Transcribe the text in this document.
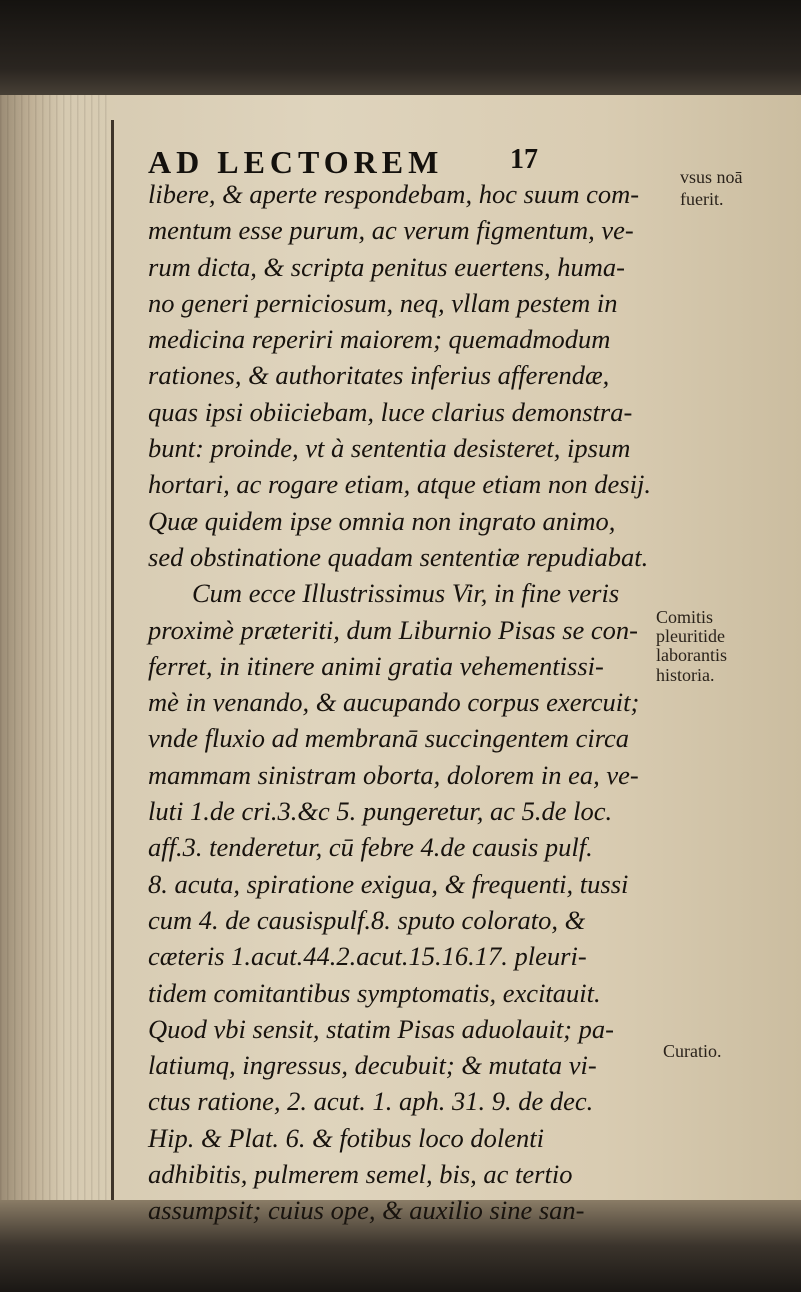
AD LECTOREM 17
libere, & aperte respondebam, hoc suum com-
mentum esse purum, ac verum figmentum, ve-
rum dicta, & scripta penitus euertens, huma-
no generi perniciosum, neq, vllam pestem in
medicina reperiri maiorem; quemadmodum
rationes, & authoritates inferius afferendæ,
quas ipsi obiiciebam, luce clarius demonstra-
bunt: proinde, vt à sententia desisteret, ipsum
hortari, ac rogare etiam, atque etiam non desij.
Quæ quidem ipse omnia non ingrato animo,
sed obstinatione quadam sententiæ repudiabat.
Cum ecce Illustrissimus Vir, in fine veris
proximè præteriti, dum Liburnio Pisas se con-
ferret, in itinere animi gratia vehementissi-
mè in venando, & aucupando corpus exercuit;
vnde fluxio ad membranā succingentem circa
mammam sinistram oborta, dolorem in ea, ve-
luti 1.de cri.3.&c 5. pungeretur, ac 5.de loc.
aff.3. tenderetur, cū febre 4.de causis pulf.
8. acuta, spiratione exigua, & frequenti, tussi
cum 4. de causispulf.8. sputo colorato, &
cæteris 1.acut.44.2.acut.15.16.17. pleuri-
tidem comitantibus symptomatis, excitauit.
Quod vbi sensit, statim Pisas aduolauit; pa-
latiumq, ingressus, decubuit; & mutata vi-
ctus ratione, 2. acut. 1. aph. 31. 9. de dec.
Hip. & Plat. 6. & fotibus loco dolenti
adhibitis, pulmerem semel, bis, ac tertio
assumpsit; cuius ope, & auxilio sine san-
vsus noā
fuerit.
Comitis
pleuritide
laborantis
historia.
Curatio.
